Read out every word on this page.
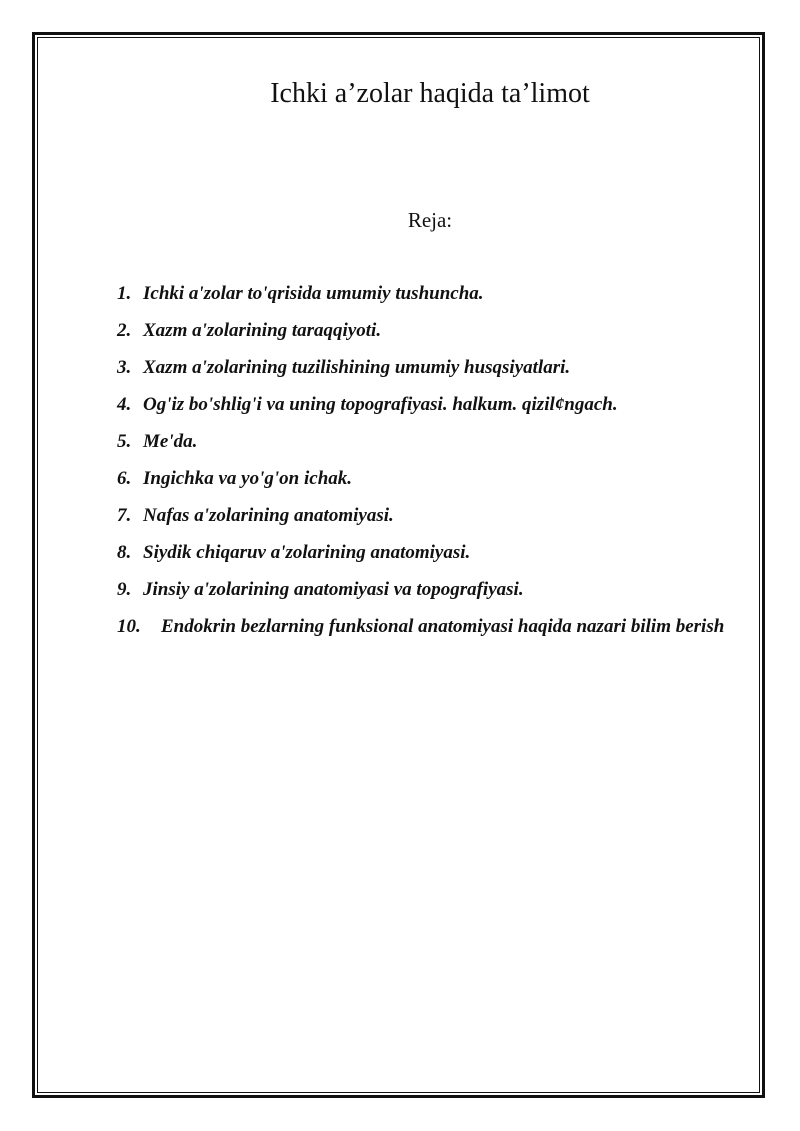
Ichki a’zolar haqida ta’limot

Reja:

1. Ichki a'zolar to'qrisida umumiy tushuncha.
2. Xazm a'zolarining taraqqiyoti.
3. Xazm a'zolarining tuzilishining umumiy husqsiyatlari.
4. Og'iz bo'shlig'i va uning topografiyasi. halkum. qizil¢ngach.
5. Me'da.
6. Ingichka va yo'g'on ichak.
7. Nafas a'zolarining anatomiyasi.
8. Siydik chiqaruv a'zolarining anatomiyasi.
9. Jinsiy a'zolarining anatomiyasi va topografiyasi.
10. Endokrin bezlarning funksional anatomiyasi haqida nazari bilim berish
